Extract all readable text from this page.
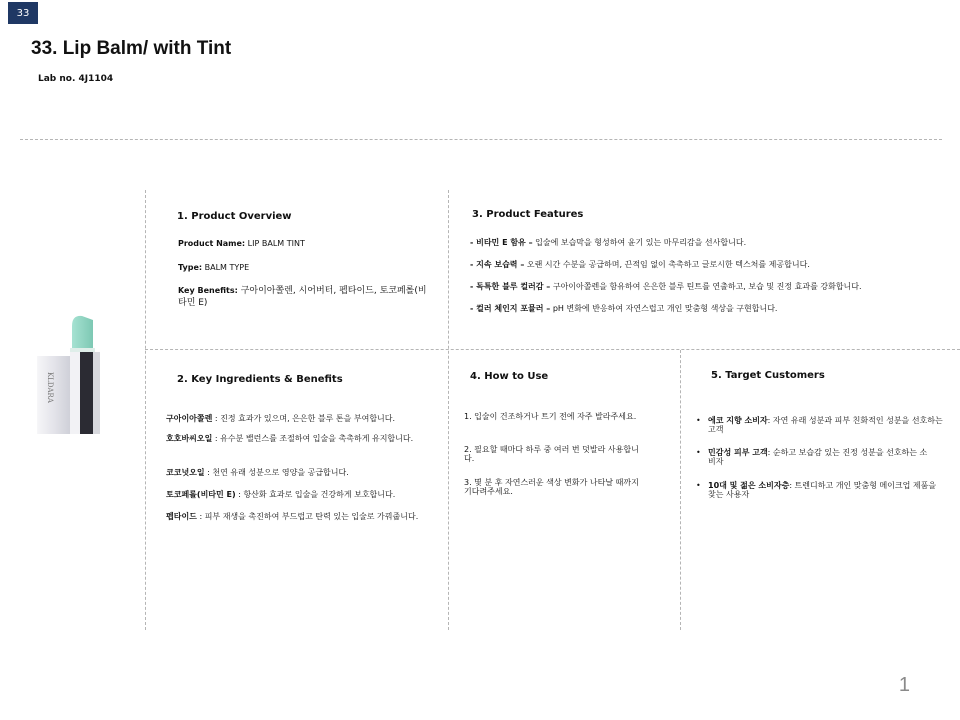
33
33. Lip Balm/ with Tint
Lab no. 4J1104
KLDARA
1. Product Overview
Product Name: LIP BALM TINT
Type: BALM TYPE
Key Benefits: 구아이아쫄렌, 시어버터, 펩타이드, 토코페롤(비타민 E)
3. Product Features
- 비타민 E 함유 – 입술에 보습막을 형성하여 윤기 있는 마무리감을 선사합니다.
- 지속 보습력 – 오랜 시간 수분을 공급하며, 끈적임 없이 촉촉하고 글로시한 텍스처를 제공합니다.
- 독특한 블루 컬러감 – 구아이아쫄렌을 함유하여 은은한 블루 틴트를 연출하고, 보습 및 진정 효과를 강화합니다.
- 컬러 체인지 포뮬러 – pH 변화에 반응하여 자연스럽고 개인 맞춤형 색상을 구현합니다.
2. Key Ingredients & Benefits
구아이아쫄렌 : 진정 효과가 있으며, 은은한 블루 톤을 부여합니다.
호호바씨오일 : 유수분 밸런스를 조절하여 입술을 촉촉하게 유지합니다.
코코넛오일 : 천연 유래 성분으로 영양을 공급합니다.
토코페롤(비타민 E) : 항산화 효과로 입술을 건강하게 보호합니다.
펩타이드 : 피부 재생을 촉진하여 부드럽고 탄력 있는 입술로 가꿔줍니다.
4. How to Use
1. 입술이 건조하거나 트기 전에 자주 발라주세요.
2. 필요할 때마다 하루 중 여러 번 덧발라 사용합니다.
3. 몇 분 후 자연스러운 색상 변화가 나타날 때까지 기다려주세요.
5. Target Customers
• 에코 지향 소비자: 자연 유래 성분과 피부 친화적인 성분을 선호하는 고객
• 민감성 피부 고객: 순하고 보습감 있는 진정 성분을 선호하는 소비자
• 10대 및 젊은 소비자층: 트렌디하고 개인 맞춤형 메이크업 제품을 찾는 사용자
1
